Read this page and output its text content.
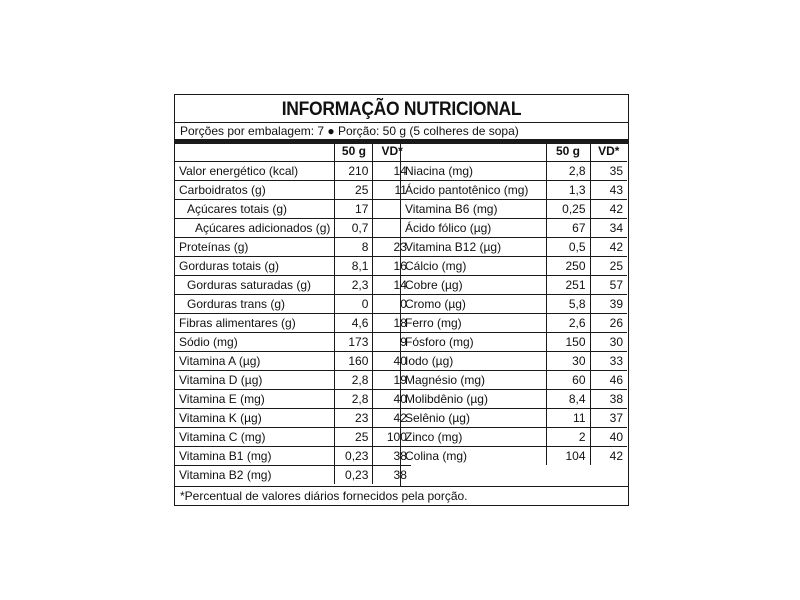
INFORMAÇÃO NUTRICIONAL
Porções por embalagem: 7 ● Porção: 50 g (5 colheres de sopa)
	50 g	VD*
Valor energético (kcal)	210	14
Carboidratos (g)	25	11
Açúcares totais (g)	17	
Açúcares adicionados (g)	0,7	
Proteínas (g)	8	23
Gorduras totais (g)	8,1	16
Gorduras saturadas (g)	2,3	14
Gorduras trans (g)	0	0
Fibras alimentares (g)	4,6	18
Sódio (mg)	173	9
Vitamina A (µg)	160	40
Vitamina D (µg)	2,8	19
Vitamina E (mg)	2,8	40
Vitamina K (µg)	23	42
Vitamina C (mg)	25	100
Vitamina B1 (mg)	0,23	38
Vitamina B2 (mg)	0,23	38
	50 g	VD*
Niacina (mg)	2,8	35
Ácido pantotênico (mg)	1,3	43
Vitamina B6 (mg)	0,25	42
Ácido fólico (µg)	67	34
Vitamina B12 (µg)	0,5	42
Cálcio (mg)	250	25
Cobre (µg)	251	57
Cromo (µg)	5,8	39
Ferro (mg)	2,6	26
Fósforo (mg)	150	30
Iodo (µg)	30	33
Magnésio (mg)	60	46
Molibdênio (µg)	8,4	38
Selênio (µg)	11	37
Zinco (mg)	2	40
Colina (mg)	104	42
*Percentual de valores diários fornecidos pela porção.
